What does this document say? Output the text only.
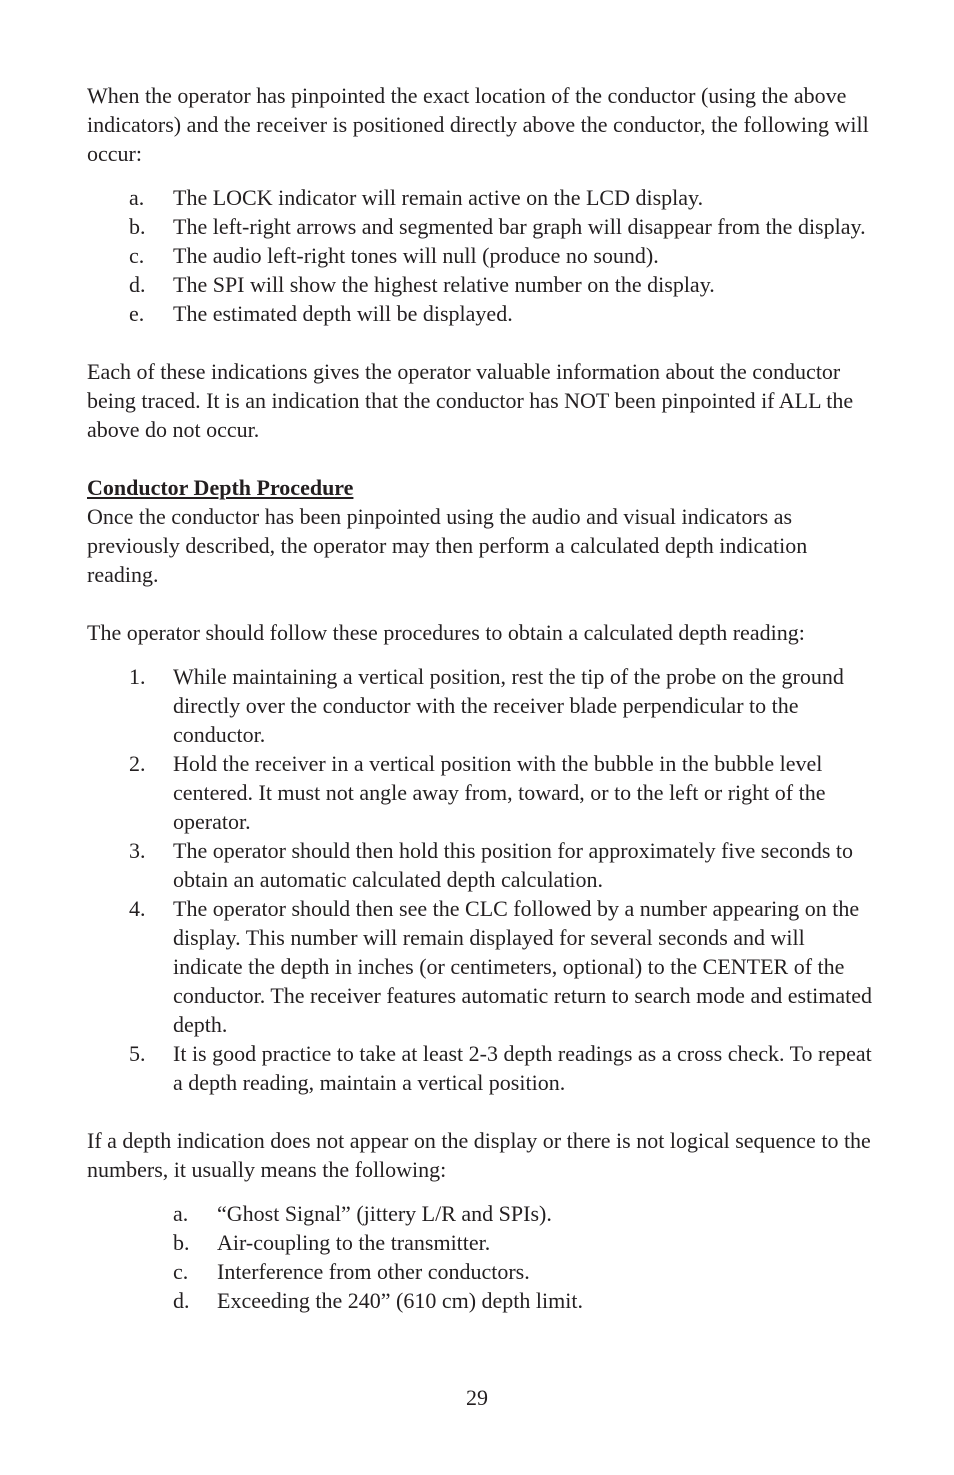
When the operator has pinpointed the exact location of the conductor (using the above indicators) and the receiver is positioned directly above the conductor, the following will occur:

a. The LOCK indicator will remain active on the LCD display.
b. The left-right arrows and segmented bar graph will disappear from the display.
c. The audio left-right tones will null (produce no sound).
d. The SPI will show the highest relative number on the display.
e. The estimated depth will be displayed.

Each of these indications gives the operator valuable information about the conductor being traced. It is an indication that the conductor has NOT been pinpointed if ALL the above do not occur.

Conductor Depth Procedure

Once the conductor has been pinpointed using the audio and visual indicators as previously described, the operator may then perform a calculated depth indication reading.

The operator should follow these procedures to obtain a calculated depth reading:

1. While maintaining a vertical position, rest the tip of the probe on the ground directly over the conductor with the receiver blade perpendicular to the conductor.
2. Hold the receiver in a vertical position with the bubble in the bubble level centered. It must not angle away from, toward, or to the left or right of the operator.
3. The operator should then hold this position for approximately five seconds to obtain an automatic calculated depth calculation.
4. The operator should then see the CLC followed by a number appearing on the display. This number will remain displayed for several seconds and will indicate the depth in inches (or centimeters, optional) to the CENTER of the conductor. The receiver features automatic return to search mode and estimated depth.
5. It is good practice to take at least 2-3 depth readings as a cross check. To repeat a depth reading, maintain a vertical position.

If a depth indication does not appear on the display or there is not logical sequence to the numbers, it usually means the following:

a. “Ghost Signal” (jittery L/R and SPIs).
b. Air-coupling to the transmitter.
c. Interference from other conductors.
d. Exceeding the 240” (610 cm) depth limit.
29
